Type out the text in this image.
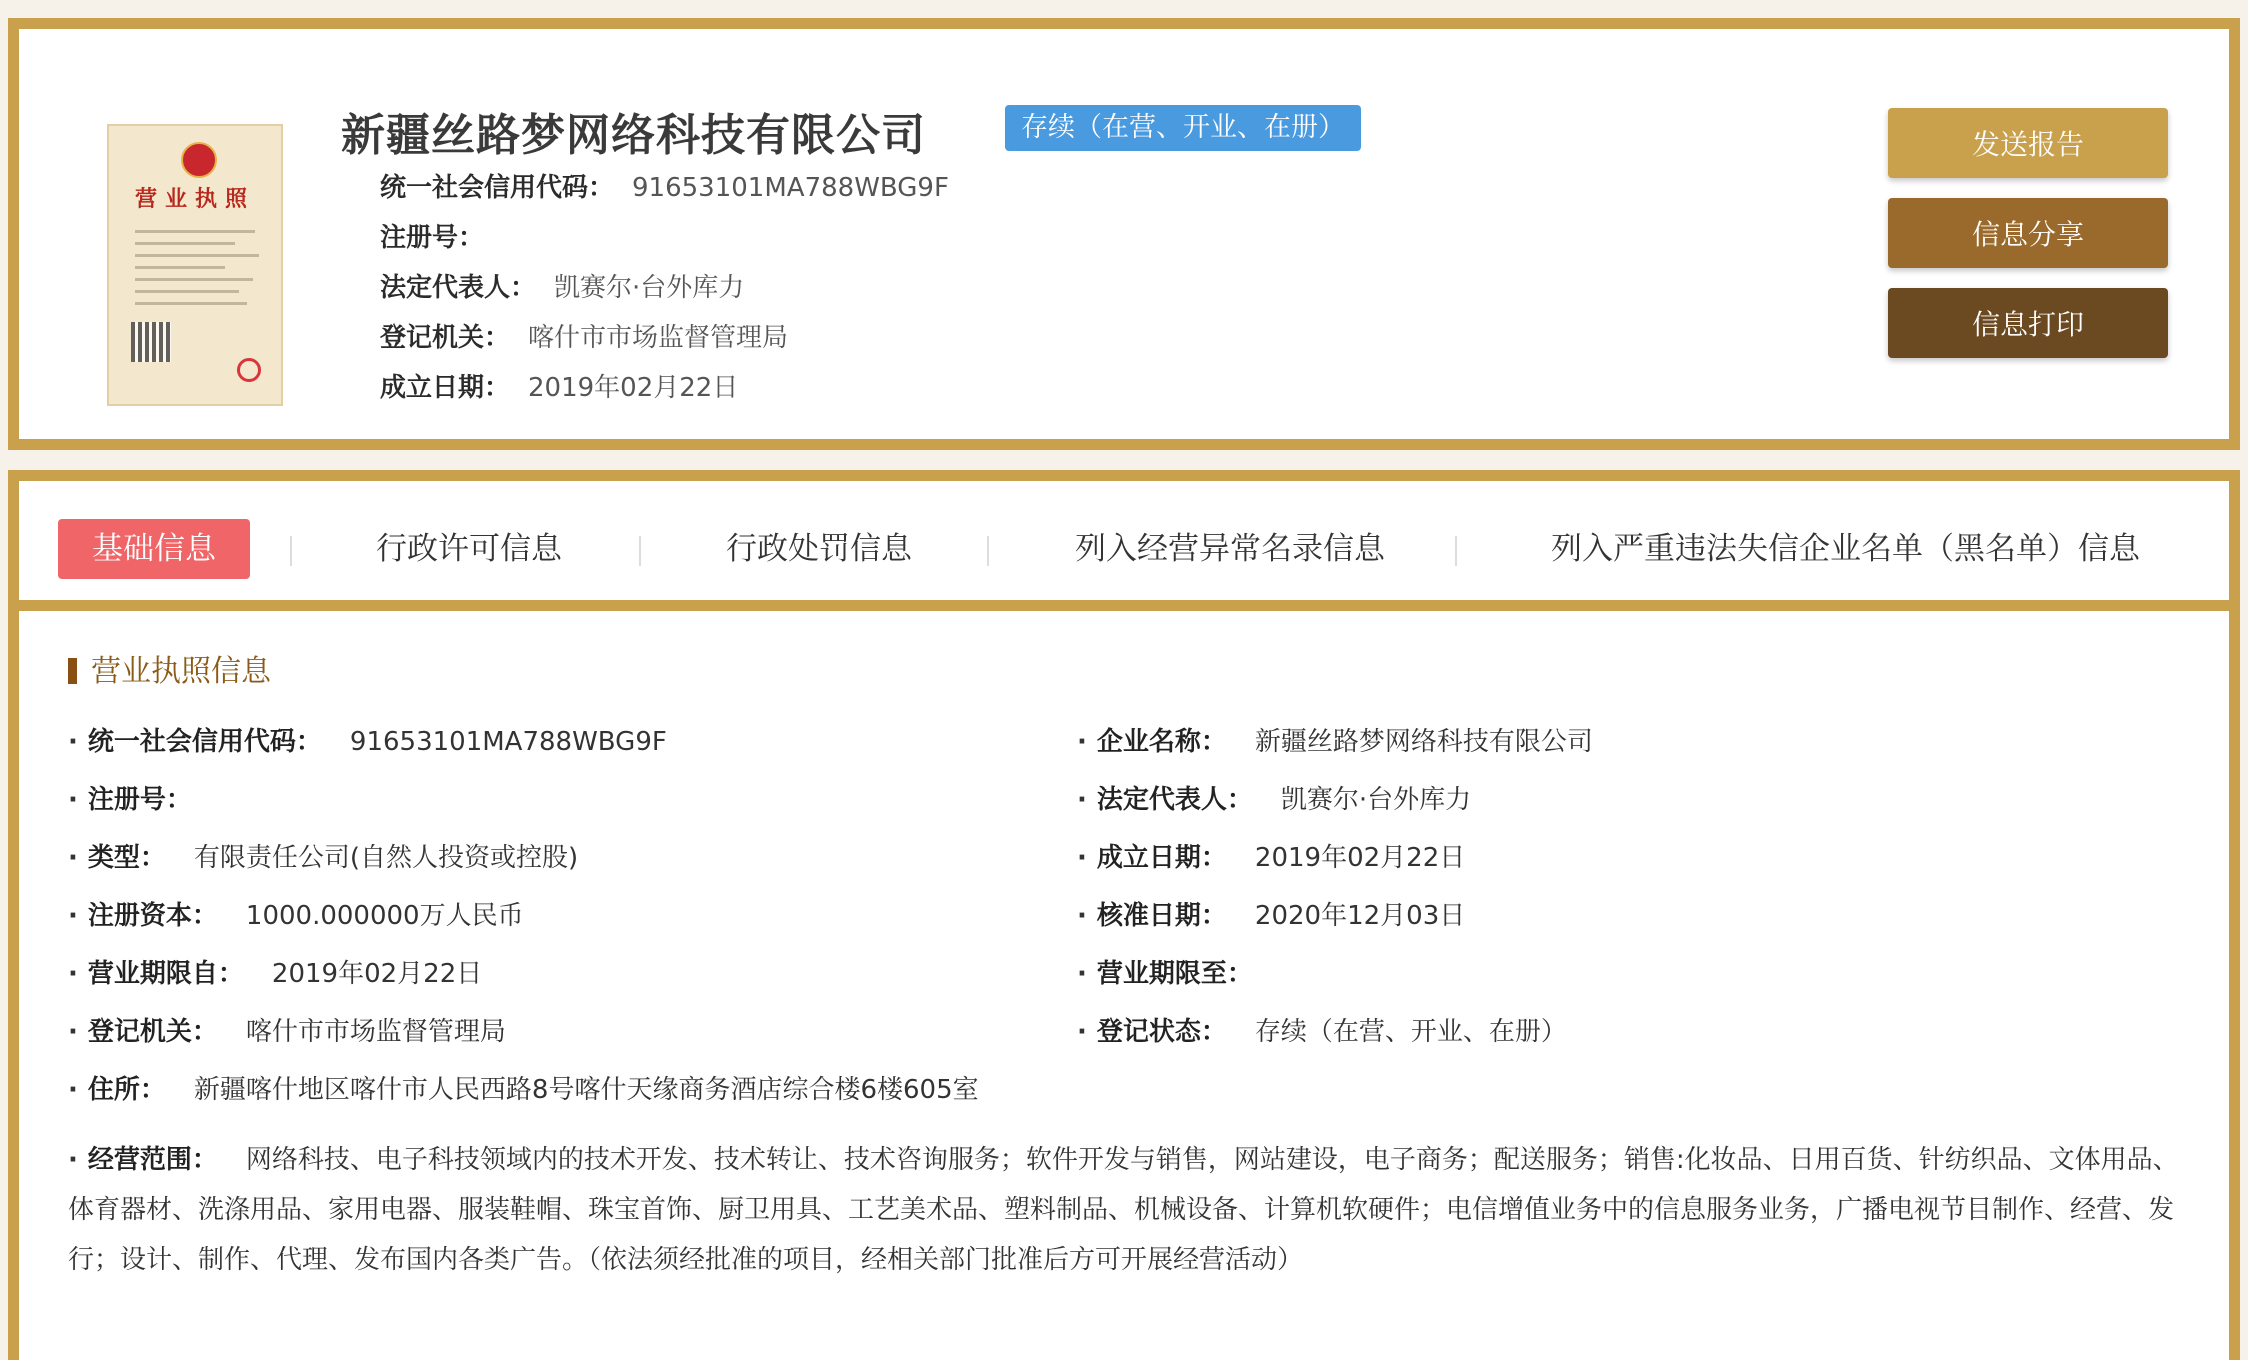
营业执照
新疆丝路梦网络科技有限公司	存续（在营、开业、在册）
统一社会信用代码： 91653101MA788WBG9F
注册号：
法定代表人： 凯赛尔·台外库力
登记机关： 喀什市市场监督管理局
成立日期： 2019年02月22日
发送报告
信息分享
信息打印
基础信息	行政许可信息	行政处罚信息	列入经营异常名录信息	列入严重违法失信企业名单（黑名单）信息
营业执照信息
· 统一社会信用代码： 91653101MA788WBG9F
· 注册号：
· 类型： 有限责任公司(自然人投资或控股)
· 注册资本： 1000.000000万人民币
· 营业期限自： 2019年02月22日
· 登记机关： 喀什市市场监督管理局
· 住所： 新疆喀什地区喀什市人民西路8号喀什天缘商务酒店综合楼6楼605室
· 企业名称： 新疆丝路梦网络科技有限公司
· 法定代表人： 凯赛尔·台外库力
· 成立日期： 2019年02月22日
· 核准日期： 2020年12月03日
· 营业期限至：
· 登记状态： 存续（在营、开业、在册）
· 经营范围： 网络科技、电子科技领域内的技术开发、技术转让、技术咨询服务；软件开发与销售，网站建设，电子商务；配送服务；销售:化妆品、日用百货、针纺织品、文体用品、体育器材、洗涤用品、家用电器、服装鞋帽、珠宝首饰、厨卫用具、工艺美术品、塑料制品、机械设备、计算机软硬件；电信增值业务中的信息服务业务，广播电视节目制作、经营、发行；设计、制作、代理、发布国内各类广告。（依法须经批准的项目，经相关部门批准后方可开展经营活动）
